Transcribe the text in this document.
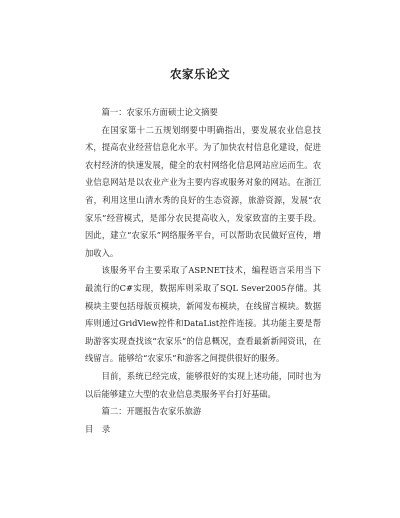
农家乐论文

篇一：农家乐方面硕士论文摘要

在国家第十二五规划纲要中明确指出，要发展农业信息技术，提高农业经营信息化水平。为了加快农村信息化建设，促进农村经济的快速发展，健全的农村网络化信息网站应运而生。农业信息网站是以农业产业为主要内容或服务对象的网站。在浙江省，利用这里山清水秀的良好的生态资源，旅游资源，发展“农家乐”经营模式，是部分农民提高收入，发家致富的主要手段。因此，建立“农家乐”网络服务平台，可以帮助农民做好宣传，增加收入。

该服务平台主要采取了ASP.NET技术，编程语言采用当下最流行的C#实现，数据库则采取了SQL Sever2005存储。其模块主要包括母版页模块，新闻发布模块，在线留言模块。数据库则通过GridView控件和DataList控件连接。其功能主要是帮助游客实现查找该“农家乐”的信息概况，查看最新新闻资讯，在线留言。能够给“农家乐”和游客之间提供很好的服务。

目前，系统已经完成，能够很好的实现上述功能，同时也为以后能够建立大型的农业信息类服务平台打好基础。

篇二：开题报告农家乐旅游

目 录
